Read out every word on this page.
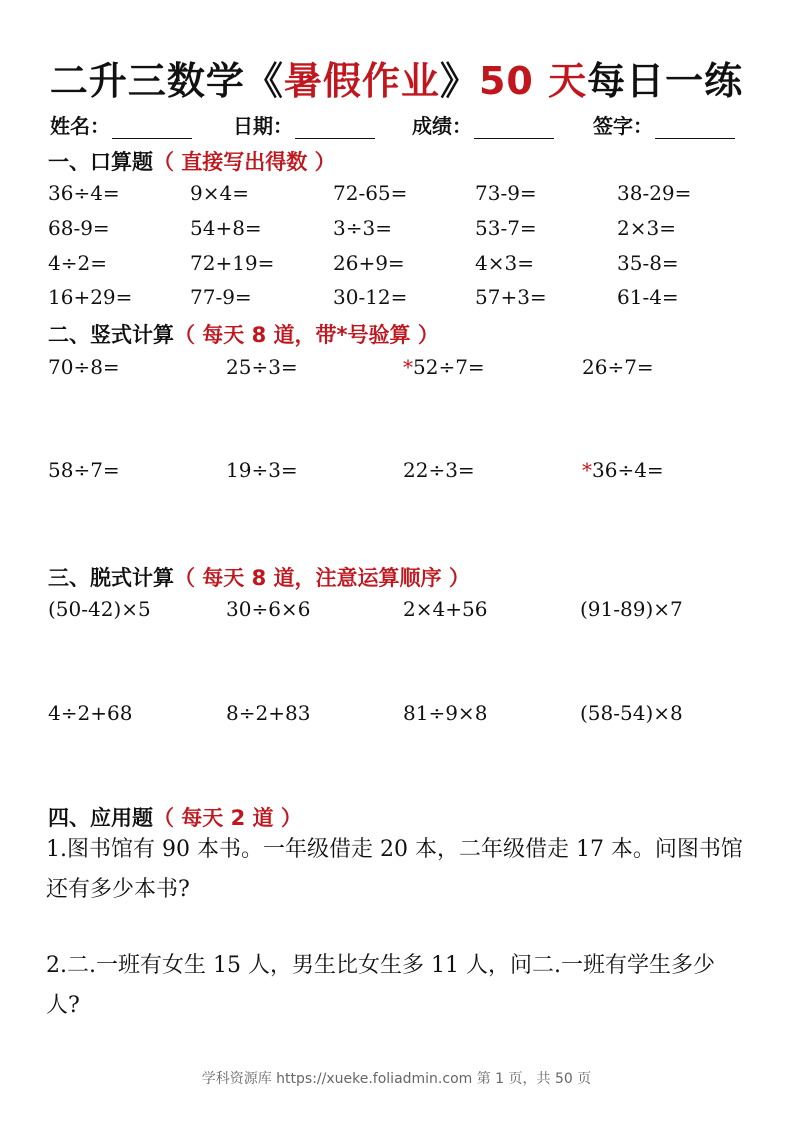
二升三数学《暑假作业》50 天每日一练
姓名：	日期：	成绩：	签字：
一、口算题（ 直接写出得数 ）
36÷4=	9×4=	72-65=	73-9=	38-29=
68-9=	54+8=	3÷3=	53-7=	2×3=
4÷2=	72+19=	26+9=	4×3=	35-8=
16+29=	77-9=	30-12=	57+3=	61-4=
二、竖式计算（ 每天 8 道，带*号验算 ）
70÷8=	25÷3=	*52÷7=	26÷7=
58÷7=	19÷3=	22÷3=	*36÷4=
三、脱式计算（ 每天 8 道，注意运算顺序 ）
(50-42)×5	30÷6×6	2×4+56	(91-89)×7
4÷2+68	8÷2+83	81÷9×8	(58-54)×8
四、应用题（ 每天 2 道 ）
1.图书馆有 90 本书。一年级借走 20 本，二年级借走 17 本。问图书馆还有多少本书?
2.二.一班有女生 15 人，男生比女生多 11 人，问二.一班有学生多少人?
学科资源库 https://xueke.foliadmin.com 第 1 页，共 50 页
